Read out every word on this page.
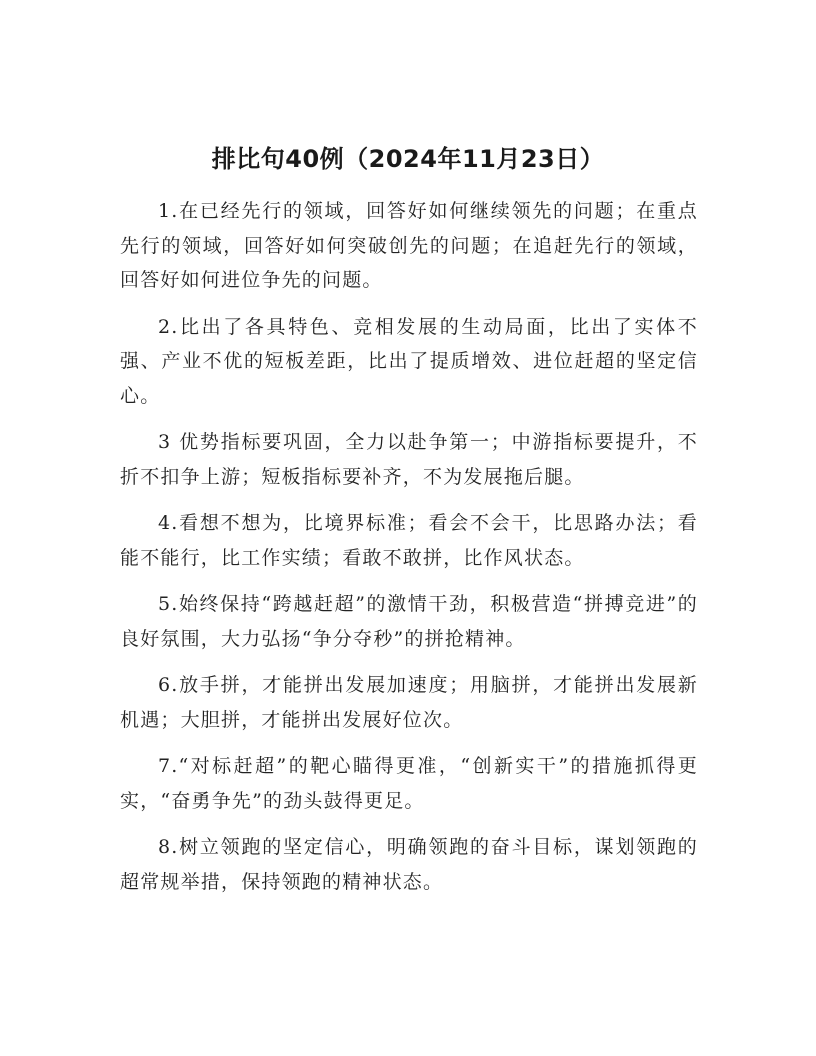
排比句40例（2024年11月23日）

1.在已经先行的领域，回答好如何继续领先的问题；在重点先行的领域，回答好如何突破创先的问题；在追赶先行的领域，回答好如何进位争先的问题。

2.比出了各具特色、竞相发展的生动局面，比出了实体不强、产业不优的短板差距，比出了提质增效、进位赶超的坚定信心。

3 优势指标要巩固，全力以赴争第一；中游指标要提升，不折不扣争上游；短板指标要补齐，不为发展拖后腿。

4.看想不想为，比境界标准；看会不会干，比思路办法；看能不能行，比工作实绩；看敢不敢拼，比作风状态。

5.始终保持“跨越赶超”的激情干劲，积极营造“拼搏竞进”的良好氛围，大力弘扬“争分夺秒”的拼抢精神。

6.放手拼，才能拼出发展加速度；用脑拼，才能拼出发展新机遇；大胆拼，才能拼出发展好位次。

7.“对标赶超”的靶心瞄得更准，“创新实干”的措施抓得更实，“奋勇争先”的劲头鼓得更足。

8.树立领跑的坚定信心，明确领跑的奋斗目标，谋划领跑的超常规举措，保持领跑的精神状态。
